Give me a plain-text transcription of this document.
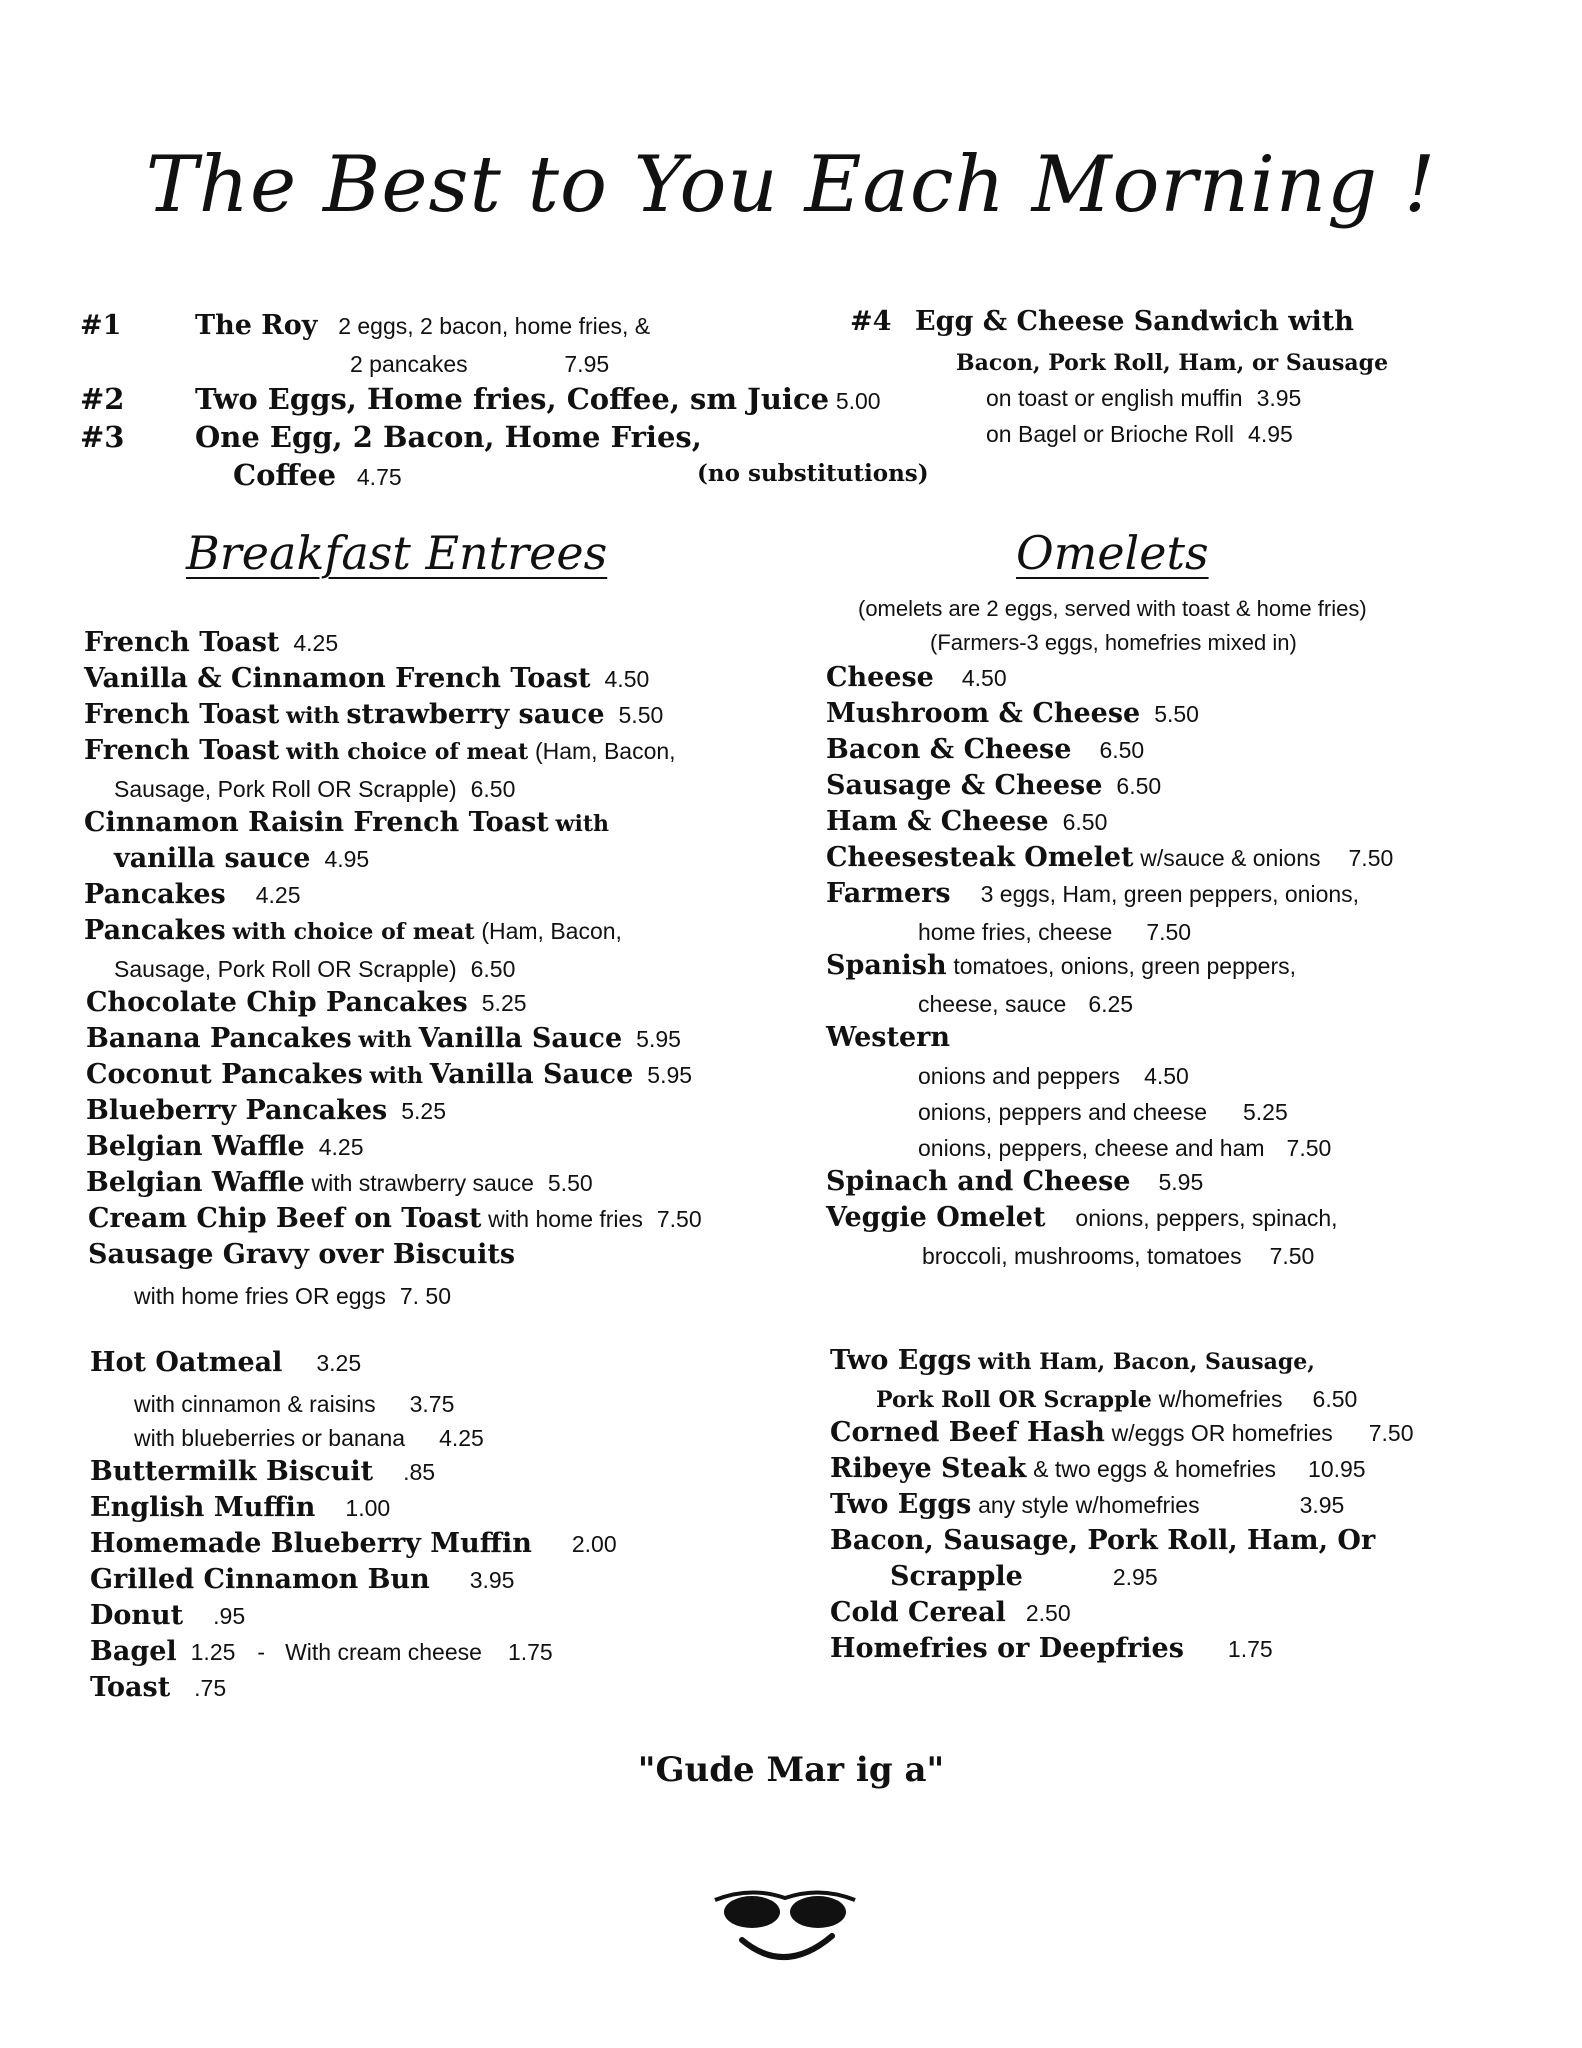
The Best to You Each Morning !
#1	The Roy 2 eggs, 2 bacon, home fries, &
2 pancakes	7.95
#2 Two Eggs, Home fries, Coffee, sm Juice 5.00
#3 One Egg, 2 Bacon, Home Fries,
Coffee 4.75	(no substitutions)
#4 Egg & Cheese Sandwich with
Bacon, Pork Roll, Ham, or Sausage
on toast or english muffin 3.95
on Bagel or Brioche Roll 4.95
Breakfast Entrees	Omelets
French Toast 4.25
Vanilla & Cinnamon French Toast 4.50
French Toast with strawberry sauce 5.50
French Toast with choice of meat (Ham, Bacon,
Sausage, Pork Roll OR Scrapple) 6.50
Cinnamon Raisin French Toast with
vanilla sauce 4.95
Pancakes 4.25
Pancakes with choice of meat (Ham, Bacon,
Sausage, Pork Roll OR Scrapple) 6.50
Chocolate Chip Pancakes 5.25
Banana Pancakes with Vanilla Sauce 5.95
Coconut Pancakes with Vanilla Sauce 5.95
Blueberry Pancakes 5.25
Belgian Waffle 4.25
Belgian Waffle with strawberry sauce 5.50
Cream Chip Beef on Toast with home fries 7.50
Sausage Gravy over Biscuits
with home fries OR eggs 7. 50
Hot Oatmeal 3.25
with cinnamon & raisins 3.75
with blueberries or banana 4.25
Buttermilk Biscuit .85
English Muffin 1.00
Homemade Blueberry Muffin 2.00
Grilled Cinnamon Bun 3.95
Donut .95
Bagel 1.25 - With cream cheese 1.75
Toast .75
(omelets are 2 eggs, served with toast & home fries)
(Farmers-3 eggs, homefries mixed in)
Cheese 4.50
Mushroom & Cheese 5.50
Bacon & Cheese 6.50
Sausage & Cheese 6.50
Ham & Cheese 6.50
Cheesesteak Omelet w/sauce & onions 7.50
Farmers 3 eggs, Ham, green peppers, onions,
home fries, cheese 7.50
Spanish tomatoes, onions, green peppers,
cheese, sauce 6.25
Western
onions and peppers 4.50
onions, peppers and cheese 5.25
onions, peppers, cheese and ham 7.50
Spinach and Cheese 5.95
Veggie Omelet onions, peppers, spinach,
broccoli, mushrooms, tomatoes 7.50
Two Eggs with Ham, Bacon, Sausage,
Pork Roll OR Scrapple w/homefries 6.50
Corned Beef Hash w/eggs OR homefries 7.50
Ribeye Steak & two eggs & homefries 10.95
Two Eggs any style w/homefries	3.95
Bacon, Sausage, Pork Roll, Ham, Or
Scrapple	2.95
Cold Cereal 2.50
Homefries or Deepfries 1.75
"Gude Mar ig a"
